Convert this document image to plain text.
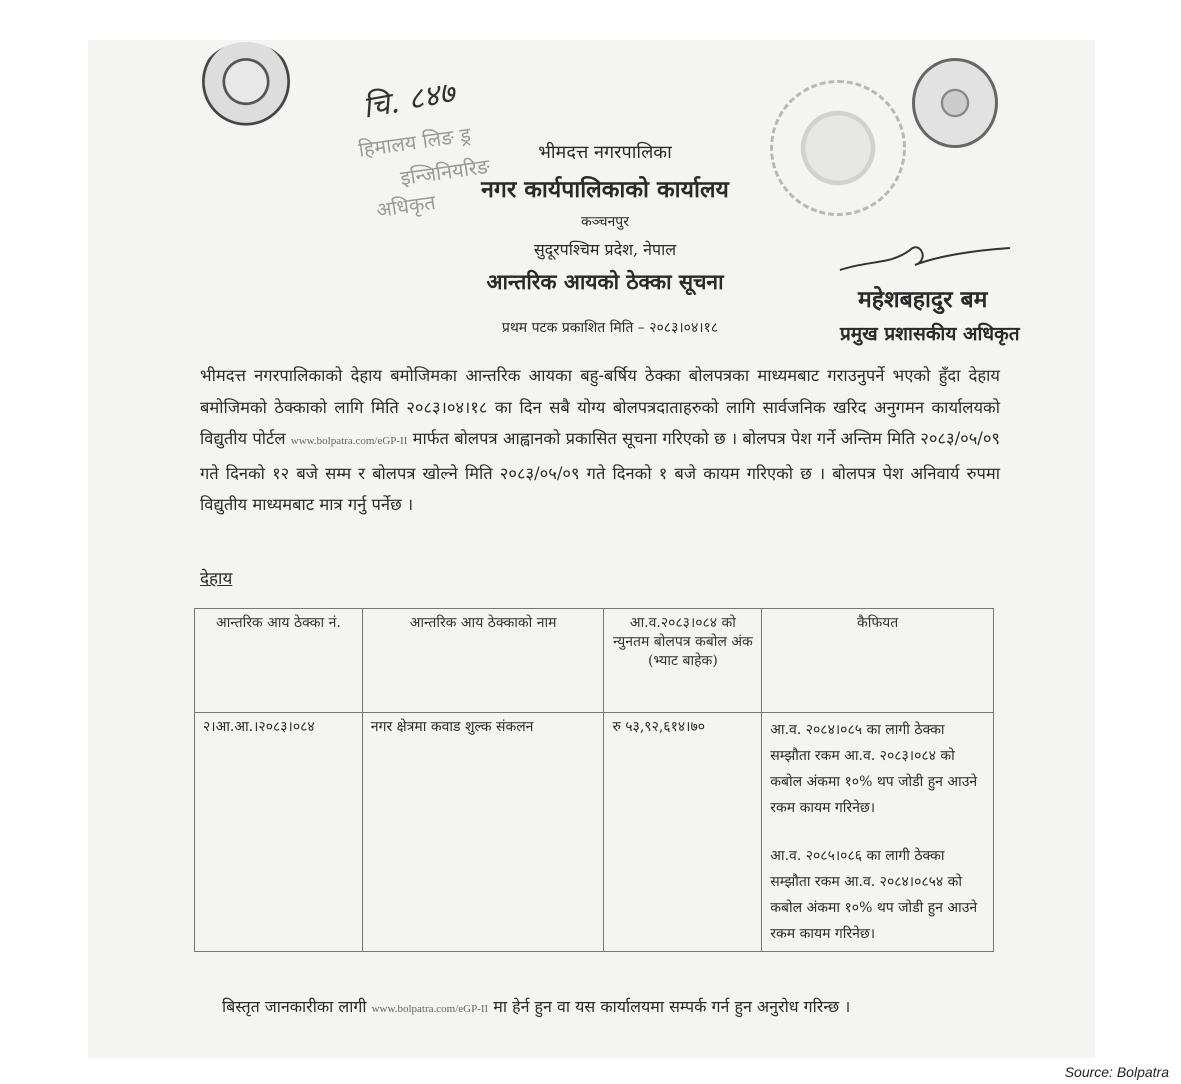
चि. ८४७
हिमालय लिङ ड्र
इन्जिनियरिङ
अधिकृत
भीमदत्त नगरपालिका
नगर कार्यपालिकाको कार्यालय
कञ्चनपुर
सुदूरपश्चिम प्रदेश, नेपाल
आन्तरिक आयको ठेक्का सूचना
प्रथम पटक प्रकाशित मिति – २०८३।०४।१८
महेशबहादुर बम
प्रमुख प्रशासकीय अधिकृत
भीमदत्त नगरपालिकाको देहाय बमोजिमका आन्तरिक आयका बहु-बर्षिय ठेक्का बोलपत्रका माध्यमबाट गराउनुपर्ने भएको हुँदा देहाय बमोजिमको ठेक्काको लागि मिति २०८३।०४।१८ का दिन सबै योग्य बोलपत्रदाताहरुको लागि सार्वजनिक खरिद अनुगमन कार्यालयको विद्युतीय पोर्टल www.bolpatra.com/eGP-II मार्फत बोलपत्र आह्वानको प्रकासित सूचना गरिएको छ । बोलपत्र पेश गर्ने अन्तिम मिति २०८३/०५/०९ गते दिनको १२ बजे सम्म र बोलपत्र खोल्ने मिति २०८३/०५/०९ गते दिनको १ बजे कायम गरिएको छ । बोलपत्र पेश अनिवार्य रुपमा विद्युतीय माध्यमबाट मात्र गर्नु पर्नेछ ।
देहाय
आन्तरिक आय ठेक्का नं.	आन्तरिक आय ठेक्काको नाम	आ.व.२०८३।०८४ को न्युनतम बोलपत्र कबोल अंक (भ्याट बाहेक)	कैफियत
२।आ.आ.।२०८३।०८४	नगर क्षेत्रमा कवाड शुल्क संकलन	रु ५३,९२,६१४।७०	आ.व. २०८४।०८५ का लागी ठेक्का सम्झौता रकम आ.व. २०८३।०८४ को कबोल अंकमा १०% थप जोडी हुन आउने रकम कायम गरिनेछ।
आ.व. २०८५।०८६ का लागी ठेक्का सम्झौता रकम आ.व. २०८४।०८५४ को कबोल अंकमा १०% थप जोडी हुन आउने रकम कायम गरिनेछ।
बिस्तृत जानकारीका लागी www.bolpatra.com/eGP-II मा हेर्न हुन वा यस कार्यालयमा सम्पर्क गर्न हुन अनुरोध गरिन्छ ।
Source: Bolpatra
